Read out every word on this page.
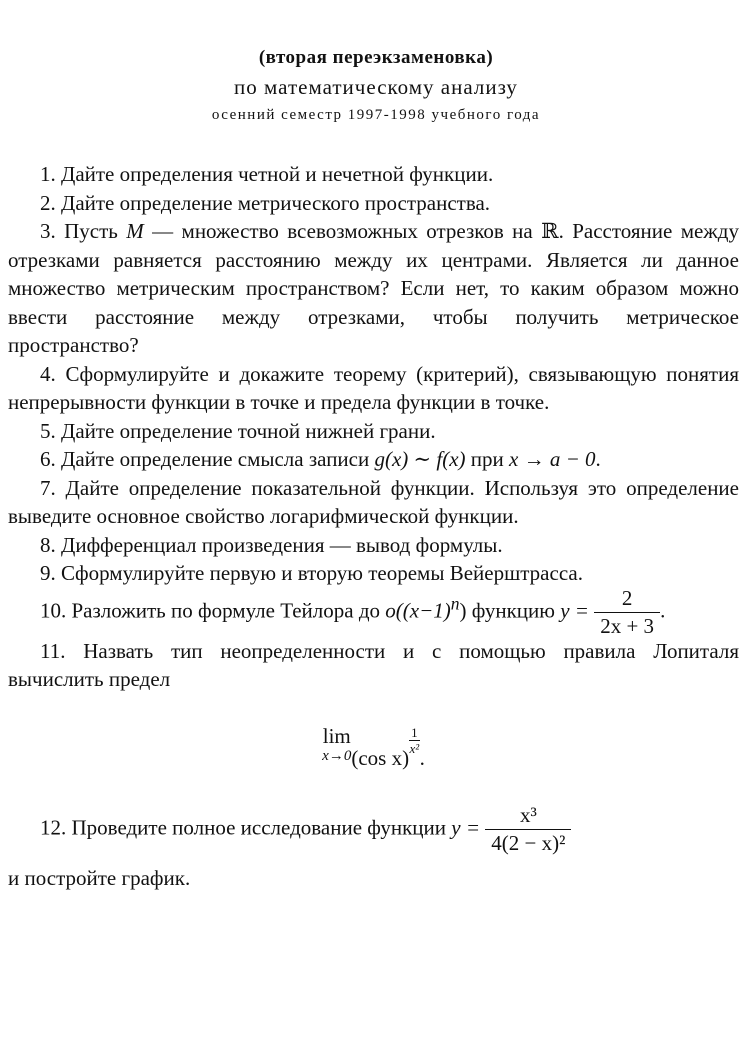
(вторая переэкзаменовка)
по математическому анализу
осенний семестр 1997-1998 учебного года

1. Дайте определения четной и нечетной функции.

2. Дайте определение метрического пространства.

3. Пусть M — множество всевозможных отрезков на ℝ. Расстояние между отрезками равняется расстоянию между их центрами. Является ли данное множество метрическим пространством? Если нет, то каким образом можно ввести расстояние между отрезками, чтобы получить метрическое пространство?

4. Сформулируйте и докажите теорему (критерий), связывающую понятия непрерывности функции в точке и предела функции в точке.

5. Дайте определение точной нижней грани.

6. Дайте определение смысла записи g(x) ∼ f(x) при x → a − 0.

7. Дайте определение показательной функции. Используя это определение выведите основное свойство логарифмической функции.

8. Дифференциал произведения — вывод формулы.

9. Сформулируйте первую и вторую теоремы Вейерштрасса.

10. Разложить по формуле Тейлора до $o((x-1)^n)$ функцию $y = \frac{2}{2x + 3}$ .

11. Назвать тип неопределенности и с помощью правила Лопиталя вычислить предел

lim
x→0 (cos x)
$\frac{1}{\text{x²}}$
.

12. Проведите полное исследование функции $y = \frac{\text{x³}}{\text{4(2 − x)²}}$

и постройте график.
